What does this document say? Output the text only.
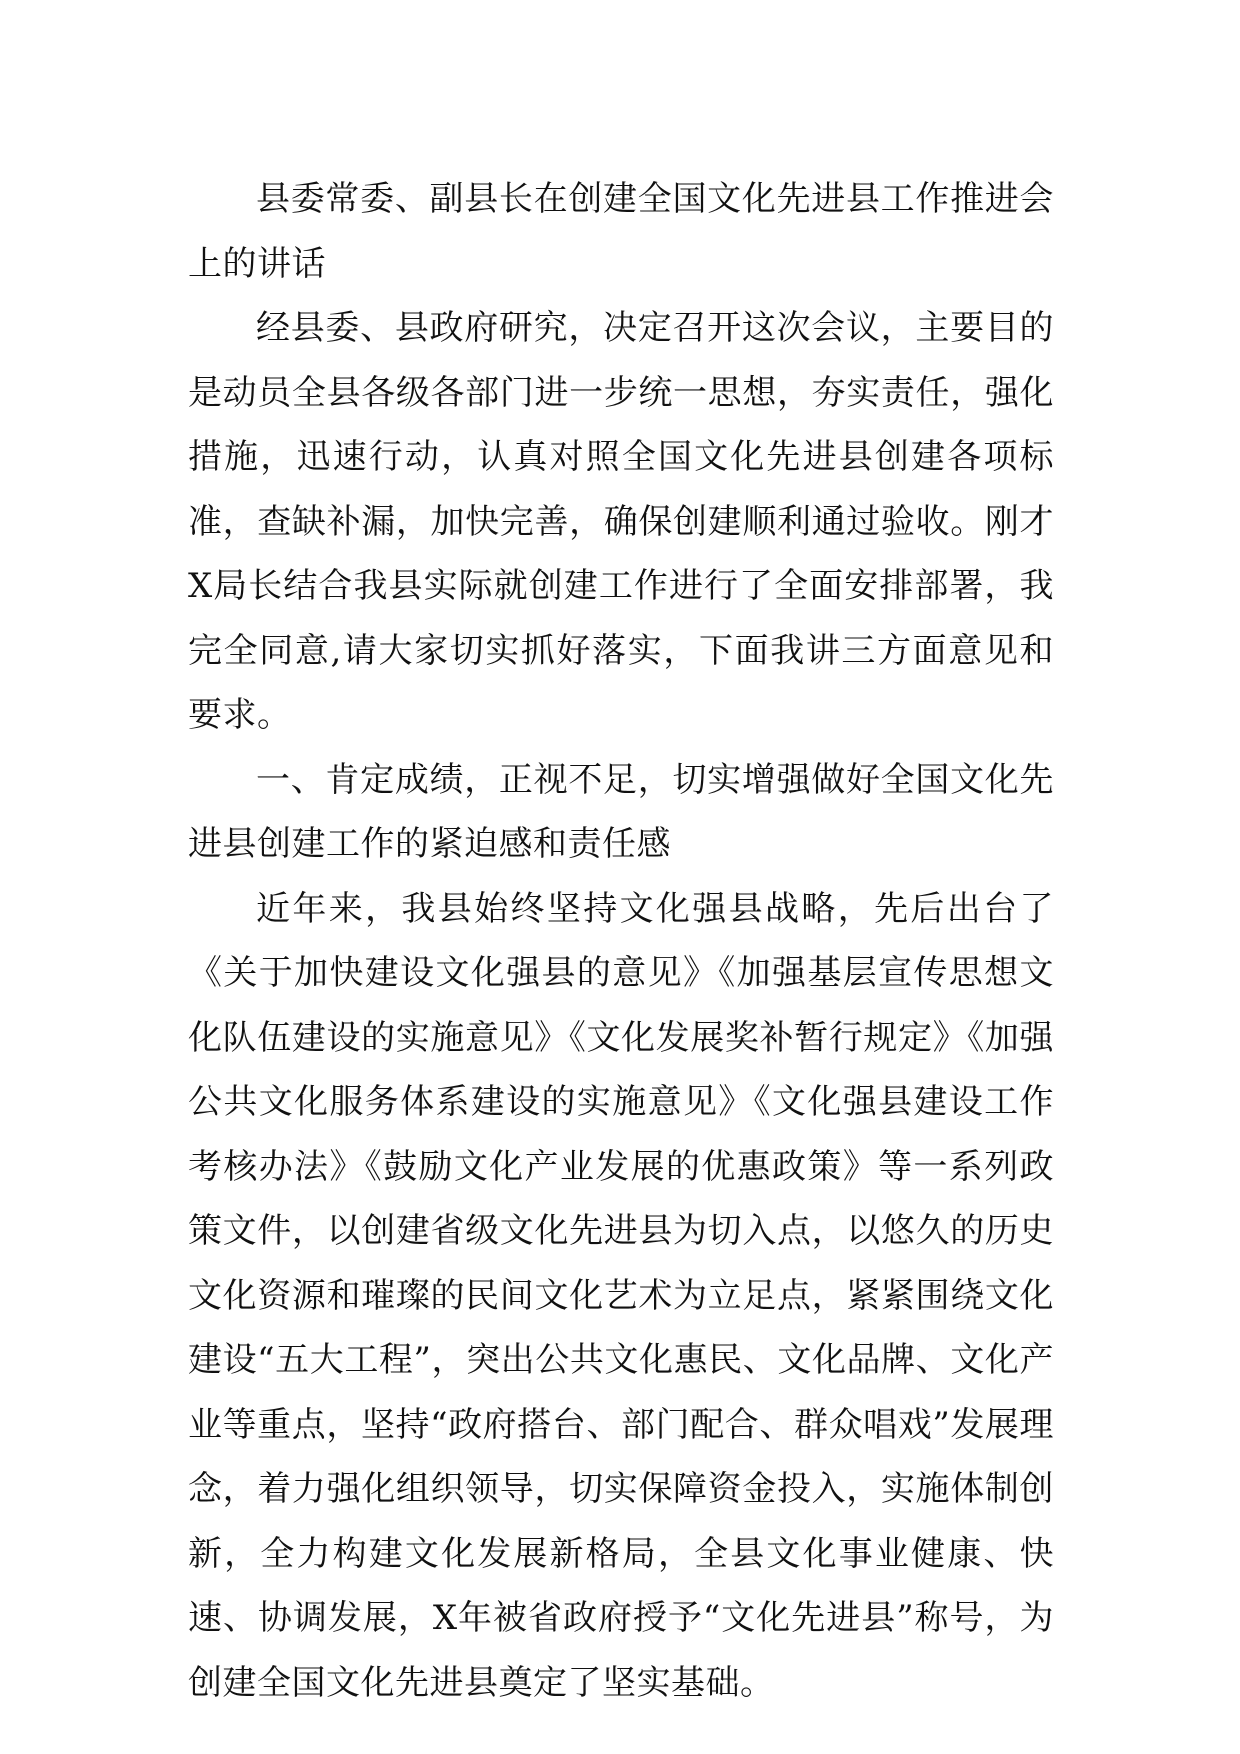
县委常委、副县长在创建全国文化先进县工作推进会上的讲话

经县委、县政府研究，决定召开这次会议，主要目的是动员全县各级各部门进一步统一思想，夯实责任，强化措施，迅速行动，认真对照全国文化先进县创建各项标准，查缺补漏，加快完善，确保创建顺利通过验收。刚才X局长结合我县实际就创建工作进行了全面安排部署，我完全同意,请大家切实抓好落实，下面我讲三方面意见和要求。

一、肯定成绩，正视不足，切实增强做好全国文化先进县创建工作的紧迫感和责任感

近年来，我县始终坚持文化强县战略，先后出台了《关于加快建设文化强县的意见》《加强基层宣传思想文化队伍建设的实施意见》《文化发展奖补暂行规定》《加强公共文化服务体系建设的实施意见》《文化强县建设工作考核办法》《鼓励文化产业发展的优惠政策》等一系列政策文件，以创建省级文化先进县为切入点，以悠久的历史文化资源和璀璨的民间文化艺术为立足点，紧紧围绕文化建设“五大工程”，突出公共文化惠民、文化品牌、文化产业等重点，坚持“政府搭台、部门配合、群众唱戏”发展理念，着力强化组织领导，切实保障资金投入，实施体制创新，全力构建文化发展新格局，全县文化事业健康、快速、协调发展，X年被省政府授予“文化先进县”称号，为创建全国文化先进县奠定了坚实基础。
